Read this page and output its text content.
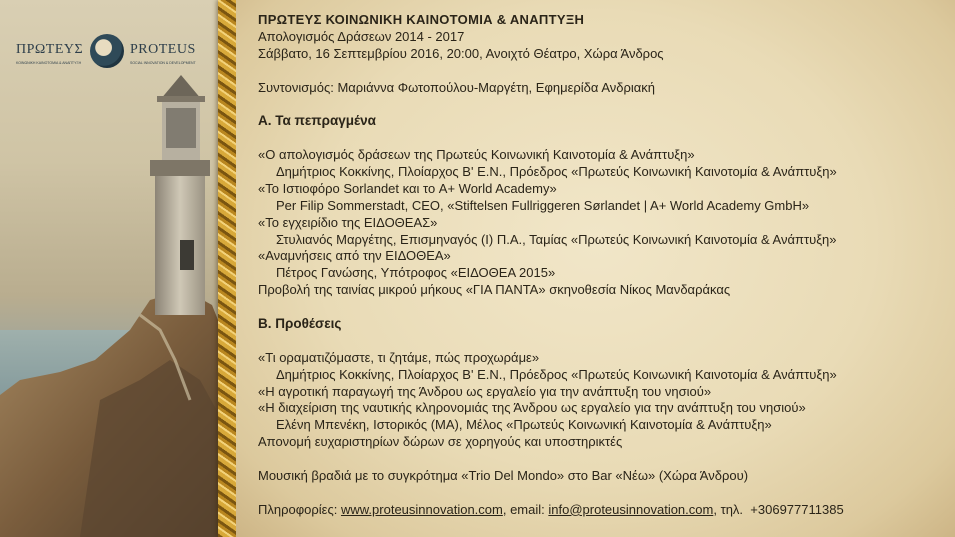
ΠΡΩΤΕΥΣ	PROTEUS
ΚΟΙΝΩΝΙΚΗ ΚΑΙΝΟΤΟΜΙΑ & ΑΝΑΠΤΥΞΗ	SOCIAL INNOVATION & DEVELOPMENT
ΠΡΩΤΕΥΣ ΚΟΙΝΩΝΙΚΗ ΚΑΙΝΟΤΟΜΙΑ & ΑΝΑΠΤΥΞΗ
Απολογισμός Δράσεων 2014 - 2017
Σάββατο, 16 Σεπτεμβρίου 2016, 20:00, Ανοιχτό Θέατρο, Χώρα Άνδρος
Συντονισμός: Μαριάννα Φωτοπούλου-Μαργέτη, Εφημερίδα Ανδριακή
Α. Τα πεπραγμένα
«Ο απολογισμός δράσεων της Πρωτεύς Κοινωνική Καινοτομία & Ανάπτυξη»
Δημήτριος Κοκκίνης, Πλοίαρχος Β' Ε.Ν., Πρόεδρος «Πρωτεύς Κοινωνική Καινοτομία & Ανάπτυξη»
«Το Ιστιοφόρο Sorlandet και το A+ World Academy»
Per Filip Sommerstadt, CEO, «Stiftelsen Fullriggeren Sørlandet | A+ World Academy GmbH»
«Το εγχειρίδιο της ΕΙΔΟΘΕΑΣ»
Στυλιανός Μαργέτης, Επισμηναγός (Ι) Π.Α., Ταμίας «Πρωτεύς Κοινωνική Καινοτομία & Ανάπτυξη»
«Αναμνήσεις από την ΕΙΔΟΘΕΑ»
Πέτρος Γανώσης, Υπότροφος «ΕΙΔΟΘΕΑ 2015»
Προβολή της ταινίας μικρού μήκους «ΓΙΑ ΠΑΝΤΑ» σκηνοθεσία Νίκος Μανδαράκας
Β. Προθέσεις
«Τι οραματιζόμαστε, τι ζητάμε, πώς προχωράμε»
Δημήτριος Κοκκίνης, Πλοίαρχος Β' Ε.Ν., Πρόεδρος «Πρωτεύς Κοινωνική Καινοτομία & Ανάπτυξη»
«Η αγροτική παραγωγή της Άνδρου ως εργαλείο για την ανάπτυξη του νησιού»
«Η διαχείριση της ναυτικής κληρονομιάς της Άνδρου ως εργαλείο για την ανάπτυξη του νησιού»
Ελένη Μπενέκη, Ιστορικός (ΜΑ), Μέλος «Πρωτεύς Κοινωνική Καινοτομία & Ανάπτυξη»
Απονομή ευχαριστηρίων δώρων σε χορηγούς και υποστηρικτές
Μουσική βραδιά με το συγκρότημα «Trio Del Mondo» στο Bar «Νέω» (Χώρα Άνδρου)
Πληροφορίες: www.proteusinnovation.com, email: info@proteusinnovation.com, τηλ. +306977711385
